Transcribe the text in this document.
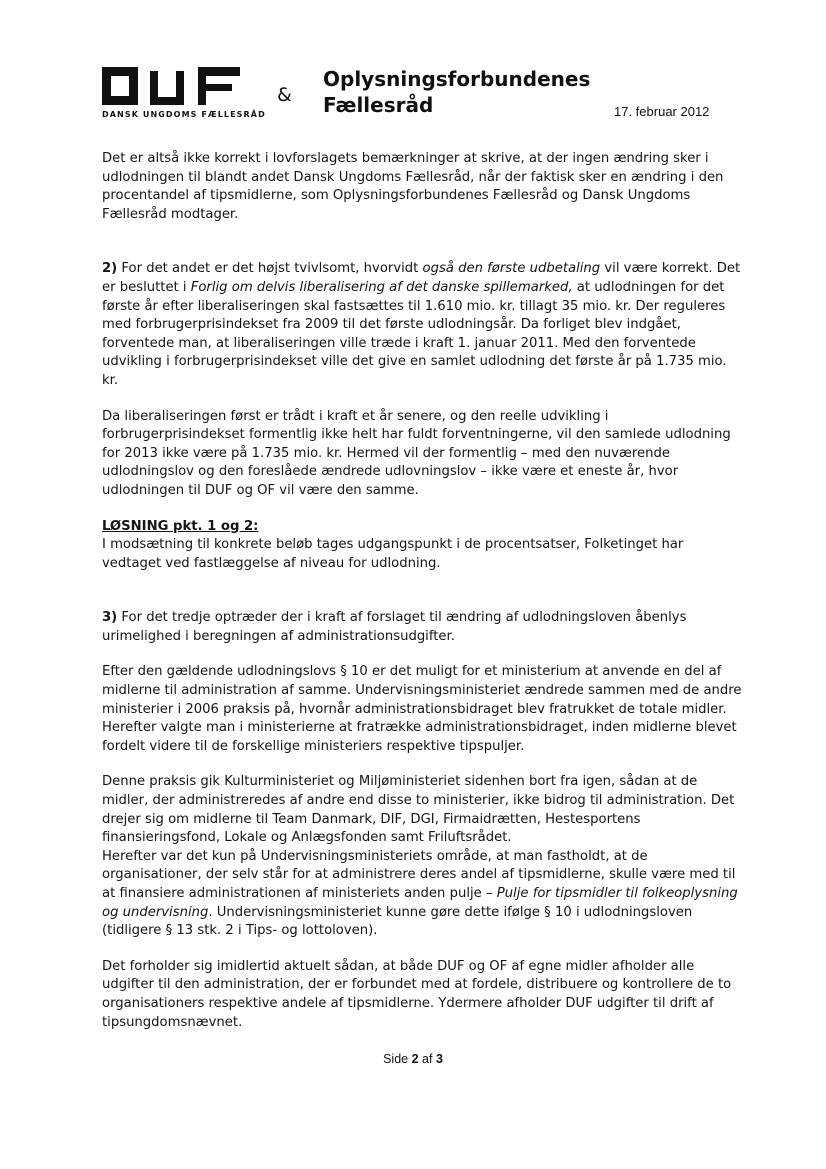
DANSK UNGDOMS FÆLLESRÅD
&
Oplysningsforbundenes
Fællesråd	17. februar 2012

Det er altså ikke korrekt i lovforslagets bemærkninger at skrive, at der ingen ændring sker i udlodningen til blandt andet Dansk Ungdoms Fællesråd, når der faktisk sker en ændring i den procentandel af tipsmidlerne, som Oplysningsforbundenes Fællesråd og Dansk Ungdoms Fællesråd modtager.

2) For det andet er det højst tvivlsomt, hvorvidt også den første udbetaling vil være korrekt. Det er besluttet i Forlig om delvis liberalisering af det danske spillemarked, at udlodningen for det første år efter liberaliseringen skal fastsættes til 1.610 mio. kr. tillagt 35 mio. kr. Der reguleres med forbrugerprisindekset fra 2009 til det første udlodningsår. Da forliget blev indgået, forventede man, at liberaliseringen ville træde i kraft 1. januar 2011. Med den forventede udvikling i forbrugerprisindekset ville det give en samlet udlodning det første år på 1.735 mio. kr.

Da liberaliseringen først er trådt i kraft et år senere, og den reelle udvikling i forbrugerprisindekset formentlig ikke helt har fuldt forventningerne, vil den samlede udlodning for 2013 ikke være på 1.735 mio. kr. Hermed vil der formentlig – med den nuværende udlodningslov og den foreslåede ændrede udlovningslov – ikke være et eneste år, hvor udlodningen til DUF og OF vil være den samme.

LØSNING pkt. 1 og 2:

I modsætning til konkrete beløb tages udgangspunkt i de procentsatser, Folketinget har vedtaget ved fastlæggelse af niveau for udlodning.

3) For det tredje optræder der i kraft af forslaget til ændring af udlodningsloven åbenlys urimelighed i beregningen af administrationsudgifter.

Efter den gældende udlodningslovs § 10 er det muligt for et ministerium at anvende en del af midlerne til administration af samme. Undervisningsministeriet ændrede sammen med de andre ministerier i 2006 praksis på, hvornår administrationsbidraget blev fratrukket de totale midler. Herefter valgte man i ministerierne at fratrække administrationsbidraget, inden midlerne blevet fordelt videre til de forskellige ministeriers respektive tipspuljer.

Denne praksis gik Kulturministeriet og Miljøministeriet sidenhen bort fra igen, sådan at de midler, der administreredes af andre end disse to ministerier, ikke bidrog til administration. Det drejer sig om midlerne til Team Danmark, DIF, DGI, Firmaidrætten, Hestesportens finansieringsfond, Lokale og Anlægsfonden samt Friluftsrådet.

Herefter var det kun på Undervisningsministeriets område, at man fastholdt, at de organisationer, der selv står for at administrere deres andel af tipsmidlerne, skulle være med til at finansiere administrationen af ministeriets anden pulje – Pulje for tipsmidler til folkeoplysning og undervisning. Undervisningsministeriet kunne gøre dette ifølge § 10 i udlodningsloven (tidligere § 13 stk. 2 i Tips- og lottoloven).

Det forholder sig imidlertid aktuelt sådan, at både DUF og OF af egne midler afholder alle udgifter til den administration, der er forbundet med at fordele, distribuere og kontrollere de to organisationers respektive andele af tipsmidlerne. Ydermere afholder DUF udgifter til drift af tipsungdomsnævnet.

Side 2 af 3
